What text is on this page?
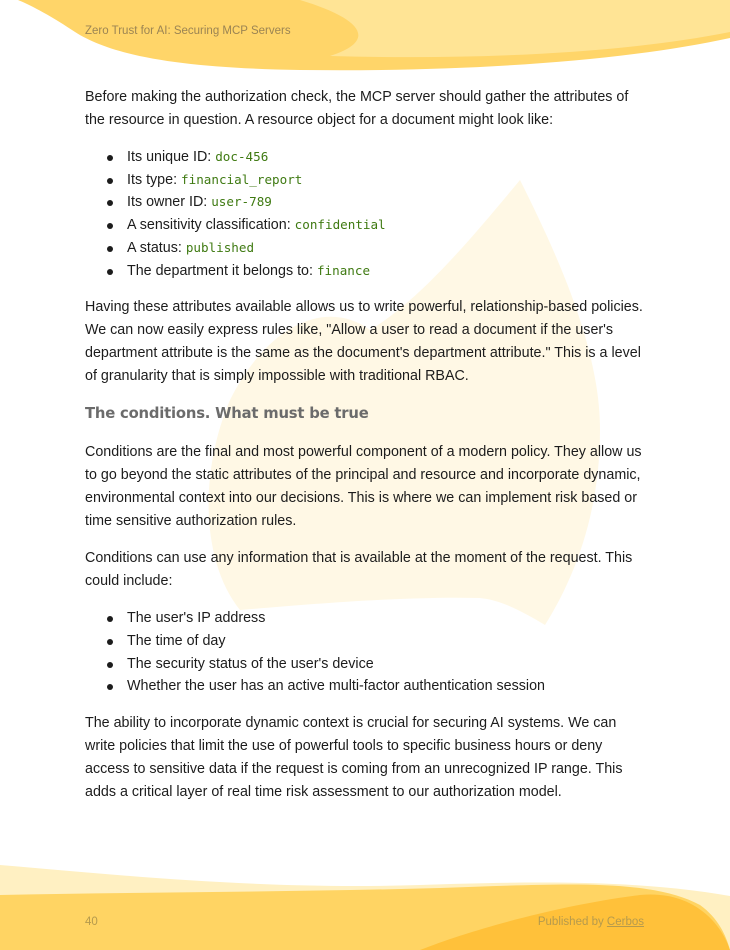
Zero Trust for AI: Securing MCP Servers

Before making the authorization check, the MCP server should gather the attributes of the resource in question. A resource object for a document might look like:

Its unique ID: doc-456
Its type: financial_report
Its owner ID: user-789
A sensitivity classification: confidential
A status: published
The department it belongs to: finance

Having these attributes available allows us to write powerful, relationship-based policies. We can now easily express rules like, "Allow a user to read a document if the user's department attribute is the same as the document's department attribute." This is a level of granularity that is simply impossible with traditional RBAC.

The conditions. What must be true

Conditions are the final and most powerful component of a modern policy. They allow us to go beyond the static attributes of the principal and resource and incorporate dynamic, environmental context into our decisions. This is where we can implement risk based or time sensitive authorization rules.

Conditions can use any information that is available at the moment of the request. This could include:

The user's IP address
The time of day
The security status of the user's device
Whether the user has an active multi-factor authentication session

The ability to incorporate dynamic context is crucial for securing AI systems. We can write policies that limit the use of powerful tools to specific business hours or deny access to sensitive data if the request is coming from an unrecognized IP range. This adds a critical layer of real time risk assessment to our authorization model.

40	Published by Cerbos
